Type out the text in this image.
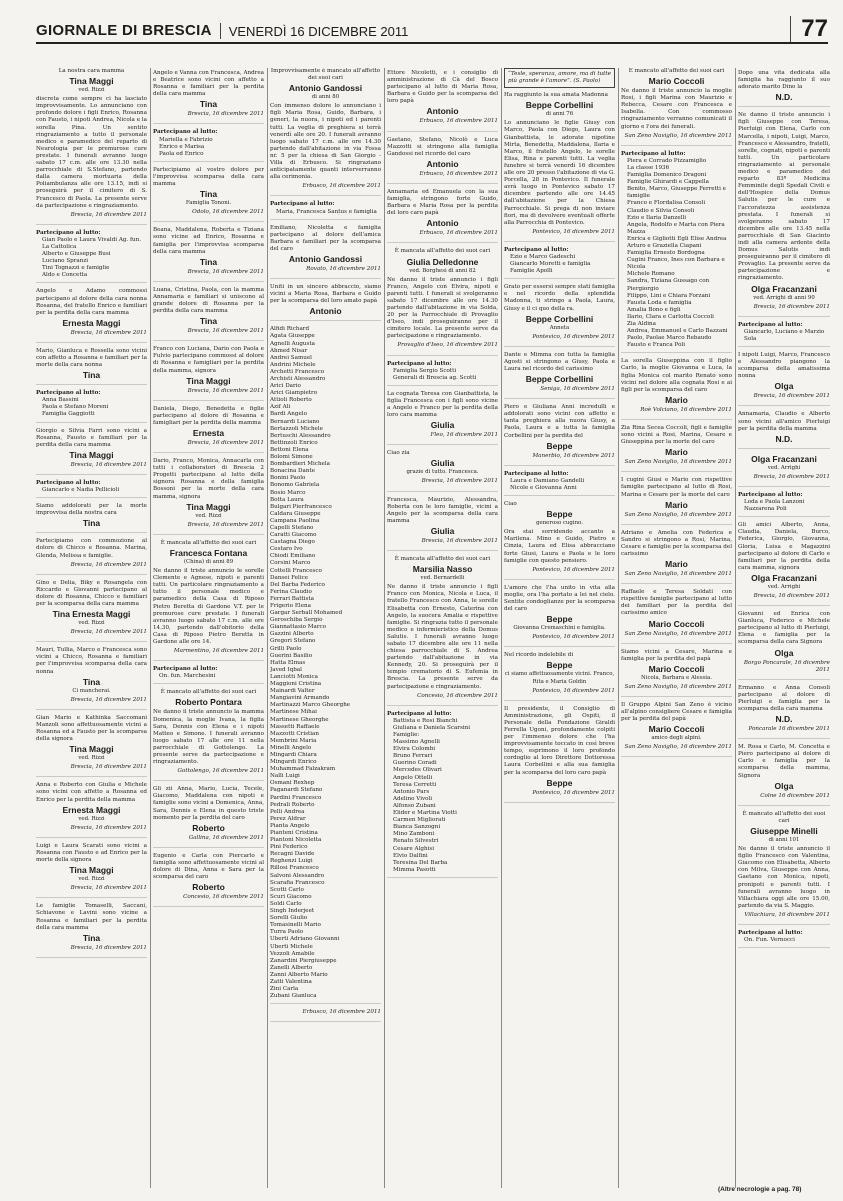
GIORNALE DI BRESCIA VENERDÌ 16 DICEMBRE 2011	77
La nostra cara mamma
Tina Maggi
ved. Rizzi
discreta come sempre ci ha lasciato improvvisamente. Lo annunciano con profondo dolore i figli Enrico, Rosanna con Fausto, i nipoti Andrea, Nicola e la sorella Pina. Un sentito ringraziamento a tutto il personale medico e paramedico del reparto di Neurologia per le premurose cure prestate. I funerali avranno luogo sabato 17 c.m. alle ore 13.30 nella parrocchiale di S.Stefano, partendo dalla camera mortuaria della Poliambulanza alle ore 13.15, indi si proseguirà per il cimitero di S. Francesco di Paola. La presente serve da partecipazione e ringraziamento.
Brescia, 16 dicembre 2011
Partecipano al lutto:
Gian Paolo e Laura Vivaldi Ag. fun. La Cattolica
Alberto e Giuseppe Busi
Luciano Spranzi
Tini Tognazzi e famiglie
Aldo e Concetta
Angelo e Adamo commossi partecipano al dolore della cara nonna Rosanna, del fratello Enrico e familiari per la perdita della cara mamma
Ernesta Maggi
Brescia, 16 dicembre 2011
Mario, Gianluca e Rossella sono vicini con affetto a Rosanna e familiari per la morte della cara nonna
Tina
Partecipano al lutto:
Anna Bassini
Paola e Stefano Moreni
Famiglia Gaggiotti
Giorgio e Silvia Farri sono vicini a Rosanna, Fausto e familiari per la perdita della cara mamma
Tina Maggi
Brescia, 16 dicembre 2011
Partecipano al lutto:
Giancarlo e Nadia Pellicioli
Siamo addolorati per la morte improvvisa della nostra cara
Tina
Partecipiamo con commozione al dolore di Chicco e Rosanna. Marina, Glenda, Melissa e famiglie.
Brescia, 16 dicembre 2011
Gino e Delia, Biky e Rosangela con Riccardo e Giovanni partecipano al dolore di Rosanna, Chicco e familiari per la scomparsa della cara mamma
Tina Ernesta Maggi
ved. Rizzi
Brescia, 16 dicembre 2011
Mauri, Tullia, Marco e Francesca sono vicini a Chicco, Rosanna e familiari per l'improvvisa scomparsa della cara nonna
Tina
Ci mancherai.
Brescia, 16 dicembre 2011
Gian Mario e Kathinka Saccomani Manzoli sono affettuosamente vicini a Rosanna ed a Fausto per la scomparsa della signora
Tina Maggi
ved. Rizzi
Brescia, 16 dicembre 2011
Anna e Roberto con Giulia e Michele sono vicini con affetto a Rosanna ed Enrico per la perdita della mamma
Ernesta Maggi
ved. Rizzi
Brescia, 16 dicembre 2011
Luigi e Laura Scarati sono vicini a Rosanna con Fausto e ad Enrico per la morte della signora
Tina Maggi
ved. Rizzi
Brescia, 16 dicembre 2011
Le famiglie Tomaselli, Saccani, Schiavone e Lavini sono vicine a Rosanna e familiari per la perdita della cara mamma
Tina
Brescia, 16 dicembre 2011
Angelo e Vanna con Francesca, Andrea e Beatrice sono vicini con affetto a Rosanna e familiari per la perdita della cara mamma
Tina
Brescia, 16 dicembre 2011
Partecipano al lutto:
Mariella e Fabrizio
Enrico e Marisa
Paola ed Enrico
Partecipiamo al vostro dolore per l'improvvisa scomparsa della cara mamma
Tina
Famiglia Tononi.
Odolo, 16 dicembre 2011
Beana, Maddalena, Roberta e Tiziana sono vicine ad Enrico, Rosanna e famiglia per l'improvvisa scomparsa della cara mamma
Tina
Brescia, 16 dicembre 2011
Luana, Cristina, Paola, con la mamma Annamaria e familiari si uniscono al grande dolore di Rosanna per la perdita della cara mamma
Tina
Brescia, 16 dicembre 2011
Franco con Luciana, Dario con Paola e Fulvio partecipano commossi al dolore di Rosanna e famigliari per la perdita della mamma, signora
Tina Maggi
Brescia, 16 dicembre 2011
Daniela, Diego, Benedetta e figlie partecipano al dolore di Rosanna e famigliari per la perdita della mamma
Ernesta
Brescia, 16 dicembre 2011
Dario, Franco, Monica, Annacarla con tutti i collaboratori di Brescia 2 Progetti partecipano al lutto della signora Rosanna e della famiglia Bossoni per la morte della cara mamma, signora
Tina Maggi
ved. Rizzi
Brescia, 16 dicembre 2011
È mancata all'affetto dei suoi cari
Francesca Fontana
(China) di anni 89
Ne danno il triste annuncio le sorelle Clemente e Agnese, nipoti e parenti tutti. Un particolare ringraziamento a tutto il personale medico e paramedico della Casa di Riposo Pietro Beretta di Gardone V.T. per le premurose cure prestate. I funerali avranno luogo sabato 17 c.m. alle ore 14.30, partendo dall'obitorio della Casa di Riposo Pietro Beretta in Gardone alle ore 14.
Marmentino, 16 dicembre 2011
Partecipano al lutto:
On. fun. Marchesini
È mancato all'affetto dei suoi cari
Roberto Pontara
Ne danno il triste annuncio la mamma Domenica, la moglie Ivana, la figlia Sara, Dennis con Elena e i nipoti Matteo e Simone. I funerali avranno luogo sabato 17 alle ore 11 nella parrocchiale di Gottolengo. La presente serve da partecipazione e ringraziamento.
Gottolengo, 16 dicembre 2011
Gli zii Anna, Mario, Lucia, Tecele, Giacomo, Maddalena con nipoti e famiglie sono vicini a Domenica, Anna, Sara, Dennis e Elena in questo triste momento per la perdita del caro
Roberto
Gallina, 16 dicembre 2011
Eugenio e Carla con Piercarlo e famiglia sono affettuosamente vicini al dolore di Dina, Anna e Sara per la scomparsa del caro
Roberto
Concesio, 16 dicembre 2011
Improvvisamente è mancato all'affetto dei suoi cari
Antonio Gandossi
di anni 80
Con immenso dolore lo annunciano i figli Maria Rosa, Guido, Barbara, i generi, la nuora, i nipoti ed i parenti tutti. La veglia di preghiera si terrà venerdì alle ore 20. I funerali avranno luogo sabato 17 c.m. alle ore 14.30 partendo dall'abitazione in via Fossa nr. 5 per la chiesa di San Giorgio - Villa di Erbusco. Si ringraziano anticipatamente quanti interverranno alla cerimonia.
Erbusco, 16 dicembre 2011
Partecipano al lutto:
Maria, Francesca Santus e famiglia
Emiliano, Nicoletta e famiglia partecipano al dolore dell'amica Barbara e familiari per la scomparsa del caro
Antonio Gandossi
Rovato, 16 dicembre 2011
Uniti in un sincero abbraccio, siamo vicini a Maria Rosa, Barbara e Guido per la scomparsa del loro amato papà
Antonio
Alfidi Richard
Agata Giuseppe
Agnelli Augusta
Ahmed Nisar
Andrei Samuel
Andrini Michele
Archetti Francesco
Archisti Alessandro
Arici Dario
Arici Giampietro
Attioli Roberto
Azif Ali
Bardi Angelo
Bernardi Luciano
Bertazzoli Michele
Bertuschi Alessandro
Bettinzoli Enrico
Bettoni Elena
Bolomi Simone
Bombardieri Michela
Bonacina Dante
Bonini Paolo
Bonomo Gabriela
Bosio Marco
Botta Laura
Bulgari Pierfrancesco
Caldara Giuseppe
Campana Paolina
Capelli Stefano
Caratti Giacomo
Castagna Diego
Cestaro Ivo
Chiodi Emiliano
Corsini Marco
Cottelli Francesco
Dansei Felice
Del Barba Federico
Ferina Claudio
Ferrari Battista
Frigerio Elena
Gargar Serball Mohamed
Geroschiba Sergio
Giannattasio Marco
Gazzini Alberto
Gregori Stefano
Grilli Paolo
Guerini Basilio
Hatta Elmas
Javed Iqbal
Lanciotti Monica
Maggioni Cristina
Mainardi Valter
Mangiavini Armando
Martinazzi Marco Gheorghe
Martinese Mihai
Martinese Gheorghe
Massetti Raffaele
Mazzotti Cristian
Membrini Maria
Minelli Angelo
Mingardi Chiara
Mingardi Enrico
Muhammad Falzakram
Nalli Luigi
Osmani Rexhep
Paganardi Stefano
Pardini Francesco
Pedrali Roberto
Pelli Andrea
Perez Aldrar
Pianta Angelo
Pianteni Cristina
Piantoni Nicoletta
Pini Federico
Recagni Davide
Reghenzi Luigi
Rillosi Francesco
Salvoni Alessandro
Scarafia Francesco
Scotti Carlo
Scuri Giacomo
Soldi Carlo
Singh Inderjeet
Sorelli Giulio
Tomasinelli Mario
Turra Paolo
Uberti Adriano Giovanni
Uberti Michele
Vezzoli Amabile
Zanardini Piergiuseppe
Zanelli Alberto
Zanni Alberto Mario
Zatti Valentina
Zini Carla
Zubani Gianluca
Erbusco, 16 dicembre 2011
Ettore Nicoletti, e i consiglio di amministrazione di Cà del Bosco partecipano al lutto di Maria Rosa, Barbara e Guido per la scomparsa del loro papà
Antonio
Erbusco, 16 dicembre 2011
Gaetano, Stefano, Nicolò e Luca Mazzotti si stringono alla famiglia Gandossi nel ricordo del caro
Antonio
Erbusco, 16 dicembre 2011
Annamaria ed Emanuela con la sua famiglia, stringono forte Guido, Barbara e Maria Rosa per la perdita del loro caro papà
Antonio
Erbusco, 16 dicembre 2011
È mancata all'affetto dei suoi cari
Giulia Delledonne
ved. Borghesi di anni 82
Ne danno il triste annuncio i figli Franco, Angelo con Elvira, nipoti e parenti tutti. I funerali si svolgeranno sabato 17 dicembre alle ore 14.30 partendo dall'abitazione in via Solda, 20 per la Parrocchiale di Provaglio d'Iseo, indi proseguiranno per il cimitero locale. La presente serve da partecipazione e ringraziamento.
Provaglio d'Iseo, 16 dicembre 2011
Partecipano al lutto:
Famiglia Sergio Scotti
Generali di Brescia ag. Scotti
La cognata Teresa con Gianbattista, la figlia Francesca con i figli sono vicine a Angelo e Franco per la perdita della loro cara mamma
Giulia
Fleo, 16 dicembre 2011
Ciao zia
Giulia
grazie di tutto. Francesca.
Brescia, 16 dicembre 2011
Francesca, Maurizio, Alessandra, Roberta con le loro famiglie, vicini a Angelo per la scomparsa della cara mamma
Giulia
Brescia, 16 dicembre 2011
È mancata all'affetto dei suoi cari
Marsilia Nasso
ved. Bernardelli
Ne danno il triste annuncio i figli Franco con Monica, Nicola e Luca, il fratello Francesco con Anna, le sorelle Elisabetta con Ernesto, Caterina con Angelo, la suocera Amalia e rispettive famiglie. Si ringrazia tutto il personale medico e infermieristico della Domus Salutis. I funerali avranno luogo sabato 17 dicembre alle ore 11 nella chiesa parrocchiale di S. Andrea partendo dall'abitazione in via Kennedy, 20. Si proseguirà per il tempio crematorio di S. Eufemia in Brescia. La presente serve da partecipazione e ringraziamento.
Concesio, 16 dicembre 2011
Partecipano al lutto:
Battista e Rosi Bianchi
Giuliana e Daniela Scarsini
Famiglie:
Massimo Agnelli
Elvira Colombi
Bruno Ferrari
Guerino Coradi
Mercedes Olivari
Angelo Ottelli
Teresa Cerretti
Antonio Pars
Adelino Vivoli
Alfonso Zubani
Elider e Martina Viotti
Carmen Migliorati
Bianca Sanzogni
Mino Zamboni
Renato Silvestri
Cesare Alghisi
Elvio Dalfini
Teresina Del Barba
Mimma Pasotti
“Tesle, speranza, amore, ma di tutte più grande è l'amore”. (S. Paolo)
Ha raggiunto la sua amata Madonna
Beppe Corbellini
di anni 76
Lo annunciano le figlie Giusy con Marco, Paola con Diego, Laura con Gianbattista, le adorate nipotine Mirta, Benedetta, Maddalena, Ilaria e Marco, il fratello Angelo, le sorelle Elisa, Rina e parenti tutti. La veglia funebre si terrà venerdì 16 dicembre alle ore 20 presso l'abitazione di via G. Porcella, 28 in Pontevico. Il funerale avrà luogo in Pontevico sabato 17 dicembre partendo alle ore 14.45 dall'abitazione per la Chiesa Parrocchiale. Si prega di non inviare fiori, ma di devolvere eventuali offerte alla Parrocchia di Pontevico.
Pontevico, 16 dicembre 2011
Partecipano al lutto:
Ezio e Marco Gadeschi
Giancarlo Moretti e famiglia
Famiglie Apolli
Grato per essersi sempre stati famiglia e nel ricordo della splendida Madonna, ti stringo a Paola, Laura, Giusy e il ci quo della ra.
Beppe Corbellini
Anneta
Pontevico, 16 dicembre 2011
Dante e Mimma con tutta la famiglia Agosti si stringono a Giusy, Paola e Laura nel ricordo del carissimo
Beppe Corbellini
Seniga, 16 dicembre 2011
Piero e Giuliana Anni incredulli e addolorati sono vicini con affetto e tanta preghiera alla nuora Giusy, a Paola, Laura e a tutta la famiglia Corbellini per la perdita del
Beppe
Manerbio, 16 dicembre 2011
Partecipano al lutto:
Laura e Damiano Gandelli
Nicole e Giovanna Anni
Ciao
Beppe
generoso cugino.
Ora stai sorridendo accanto a Marilena. Mino e Guido, Pietro e Cinzia, Laura ed Elisa abbracciano forte Giusi, Laura e Paola e le loro famiglie con questo pensiero.
Pontevico, 16 dicembre 2011
L'amore che l'ha unito in vita alla moglie, ora l'ha portato a lei nel cielo. Sentite condoglianze per la scomparsa del caro
Beppe
Giovanna Cremaschini e famiglia.
Pontevico, 16 dicembre 2011
Nel ricordo indelebile di
Beppe
ci siamo affettuosamente vicini. Franco, Rita e Maria Goldin
Pontevico, 16 dicembre 2011
Il presidente, il Consiglio di Amministrazione, gli Ospiti, il Personale della Fondazione Giraldi Ferrella Ugoni, profondamente colpiti per l'immenso dolore che l'ha improvvisamente toccato in così breve tempo, esprimono il loro profondo cordoglio al loro Direttore Dottoressa Laura Corbellini e alla sua famiglia per la scomparsa del loro caro papà
Beppe
Pontevico, 16 dicembre 2011
È mancato all'affetto dei suoi cari
Mario Coccoli
Ne danno il triste annuncio la moglie Rosi, i figli Marina con Maurizio e Rebecca, Cesare con Francesca e Isabella. Con commosso ringraziamento verranno comunicati il giorno e l'ora dei funerali.
San Zeno Naviglio, 16 dicembre 2011
Partecipano al lutto:
Piera e Corrado Pizzamiglio
La classe 1936
Famiglia Domenico Dragoni
Famiglie Ghirardi e Cappella
Benito, Marco, Giuseppe Ferretti e famiglie
Franco e Flordalisa Consoli
Claudio e Silvia Consoli
Ezio e Ilaria Danzelli
Angela, Rodolfo e Marta con Piera Mazza
Enrica e Gigliotti Egli Elise Andrea
Arturo e Graziella Ciapani
Famiglia Ernesto Bordogna
Cugini Franco, Ines con Barbara e Nicola
Michele Romano
Sandra, Tiziana Gussago con Piergiorgio
Filippo, Lini e Chiara Forzani
Fausta Loda e famiglia
Amalia Bono e figli
Ilario, Clara e Carlotta Coccoli
Zia Aldina
Andrea, Emmanuel e Carlo Bazzani
Paolo, Paolae Marco Rebaudo
Fausto e Franca Poli
La sorella Giuseppina con il figlio Carlo, la moglie Giovanna e Luca, la figlia Monica col marito Renato sono vicini nel dolore alla cognata Rosi e ai figli per la scomparsa del caro
Mario
Roè Volciano, 16 dicembre 2011
Zia Rina Secea Coccoli, figli e famiglie sono vicini a Rosi, Marina, Cesare e Giuseppina per la morte del caro
Mario
San Zeno Naviglio, 16 dicembre 2011
I cugini Giusi e Mario con rispettive famiglie partecipano al lutto di Rosi, Marina e Cesare per la morte del caro
Mario
San Zeno Naviglio, 16 dicembre 2011
Adriano e Amelia con Federica e Sandro si stringono a Rosi, Marina, Cesare e famiglie per la scomparsa del carissimo
Mario
San Zeno Naviglio, 16 dicembre 2011
Raffaele e Teresa Soldati con rispettive famiglie partecipano al lutto dei familiari per la perdita del carissimo amico
Mario Coccoli
San Zeno Naviglio, 16 dicembre 2011
Siamo vicini a Cesare, Marina e famiglia per la perdita del papà
Mario Coccoli
Nicola, Barbara e Alessia.
San Zeno Naviglio, 16 dicembre 2011
Il Gruppo Alpini San Zeno è vicino all'alpino consigliere Cesare e famiglia per la perdita del papà
Mario Coccoli
amico degli alpini.
San Zeno Naviglio, 16 dicembre 2011
Dopo una vita dedicata alla famiglia ha raggiunto il suo adorato marito Dino la
N.D.
Ne danno il triste annuncio i figli Giuseppe con Teresa, Pierluigi con Elena, Carlo con Marcella, i nipoti, Luigi, Marco, Francesco e Alessandro, fratelli, sorelle, cognati, nipoti e parenti tutti. Un particolare ringraziamento ai personale medico e paramedico del reparto 83ª Medicina Femminile degli Spedali Civili e dell'Hospice della Domus Salutis per le cure e l'accoratezza assistenza prestata. I funerali si svolgeranno sabato 17 dicembre alle ore 13.45 nella parrocchiale di San Giacinto indi alla camera ardente della Domus Salutis indi proseguiranno per il cimitero di Provaglio. La presente serve da partecipazione e ringraziamento.
Olga Fracanzani
ved. Arrighi di anni 90
Brescia, 16 dicembre 2011
Partecipano al lutto:
Giancarlo, Luciano e Marzio Sola
I nipoti Luigi, Marco, Francesco e Alessandro piangono la scomparsa della amatissima nonna
Olga
Brescia, 16 dicembre 2011
Annamaria, Claudio e Alberto sono vicini all'amico Pierluigi per la perdita della mamma
N.D.
Olga Fracanzani
ved. Arrighi
Brescia, 16 dicembre 2011
Partecipano al lutto:
Loda e Paola Lanzoni
Nazzarena Poli
Gli amici Alberto, Anna, Claudia, Daniela, Burco, Federica, Giorgio, Giovanna, Gloria, Luisa e Magazzini partecipano al dolore di Carlo e familiari per la perdita della cara mamma, signora
Olga Fracanzani
ved. Arrighi
Brescia, 16 dicembre 2011
Giovanni ed Enrica con Gianluca, Federico e Michele partecipano al lutto di Pierluigi, Elena e famiglia per la scomparsa della cara Signora
Olga
Borgo Poncarale, 16 dicembre 2011
Ermanno e Anna Consoli partecipano al dolore di Pierluigi e famiglia per la scomparsa della cara mamma
N.D.
Poncarale 16 dicembre 2011
M. Rosa e Carlo, M. Concetta e Piero partecipano al dolore di Carlo e famiglia per la scomparsa della mamma, Signora
Olga
Colne 16 dicembre 2011
È mancato all'affetto dei suoi cari
Giuseppe Minelli
di anni 101
Ne danno il triste annuncio il figlio Francesco con Valentina, Giacomo con Elisabetta, Alberto con Milva, Giuseppe con Anna, Gaetano con Monica, nipoti, pronipoti e parenti tutti. I funerali avranno luogo in Villachiara oggi alle ore 15.00, partendo da via S. Maggio.
Villachiara, 16 dicembre 2011
Partecipano al lutto:
On. Fun. Vernocci
(Altre necrologie a pag. 78)
